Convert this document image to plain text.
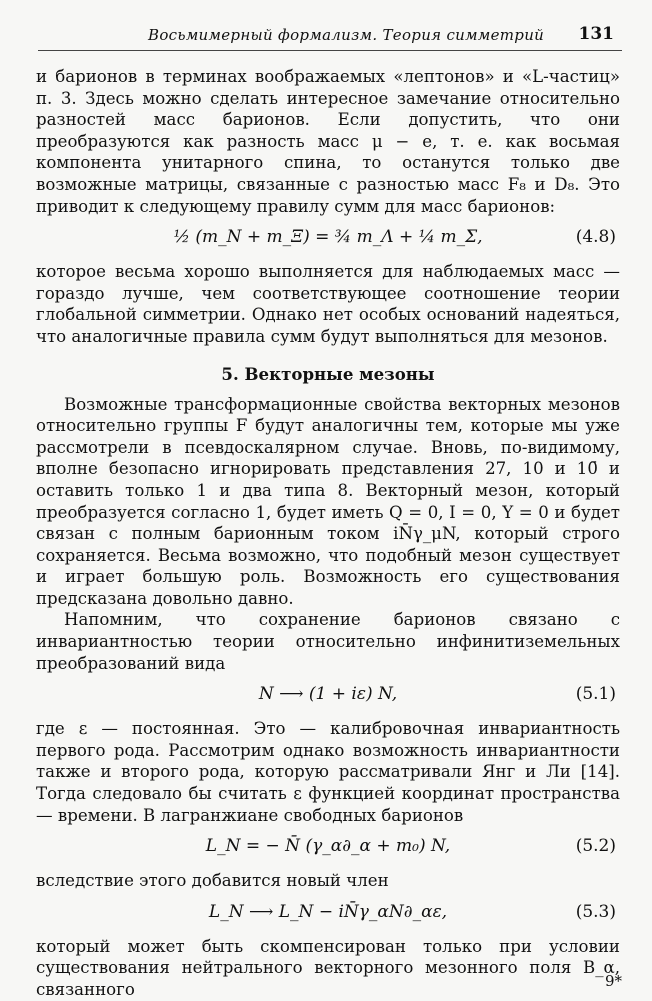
Восьмимерный формализм. Теория симметрий 131

и барионов в терминах воображаемых «лептонов» и «L-частиц» п. 3. Здесь можно сделать интересное замечание относительно разностей масс барионов. Если допустить, что они преобразуются как разность масс μ − e, т. е. как восьмая компонента унитарного спина, то останутся только две возможные матрицы, связанные с разностью масс F₈ и D₈. Это приводит к следующему правилу сумм для масс барионов:

½ (m_N + m_Ξ) = ¾ m_Λ + ¼ m_Σ,	(4.8)

которое весьма хорошо выполняется для наблюдаемых масс — гораздо лучше, чем соответствующее соотношение теории глобальной симметрии. Однако нет особых оснований надеяться, что аналогичные правила сумм будут выполняться для мезонов.

5. Векторные мезоны

Возможные трансформационные свойства векторных мезонов относительно группы F будут аналогичны тем, которые мы уже рассмотрели в псевдоскалярном случае. Вновь, по-видимому, вполне безопасно игнорировать представления 27, 10 и 10̄ и оставить только 1 и два типа 8. Векторный мезон, который преобразуется согласно 1, будет иметь Q = 0, I = 0, Y = 0 и будет связан с полным барионным током iN̄γ_μN, который строго сохраняется. Весьма возможно, что подобный мезон существует и играет большую роль. Возможность его существования предсказана довольно давно.

Напомним, что сохранение барионов связано с инвариантностью теории относительно инфинитиземельных преобразований вида

N ⟶ (1 + iε) N,	(5.1)

где ε — постоянная. Это — калибровочная инвариантность первого рода. Рассмотрим однако возможность инвариантности также и второго рода, которую рассматривали Янг и Ли [14]. Тогда следовало бы считать ε функцией координат пространства — времени. В лагранжиане свободных барионов

L_N = − N̄ (γ_α∂_α + m₀) N,	(5.2)

вследствие этого добавится новый член

L_N ⟶ L_N − iN̄γ_αN∂_αε,	(5.3)

который может быть скомпенсирован только при условии существования нейтрального векторного мезонного поля B_α, связанного	9*
